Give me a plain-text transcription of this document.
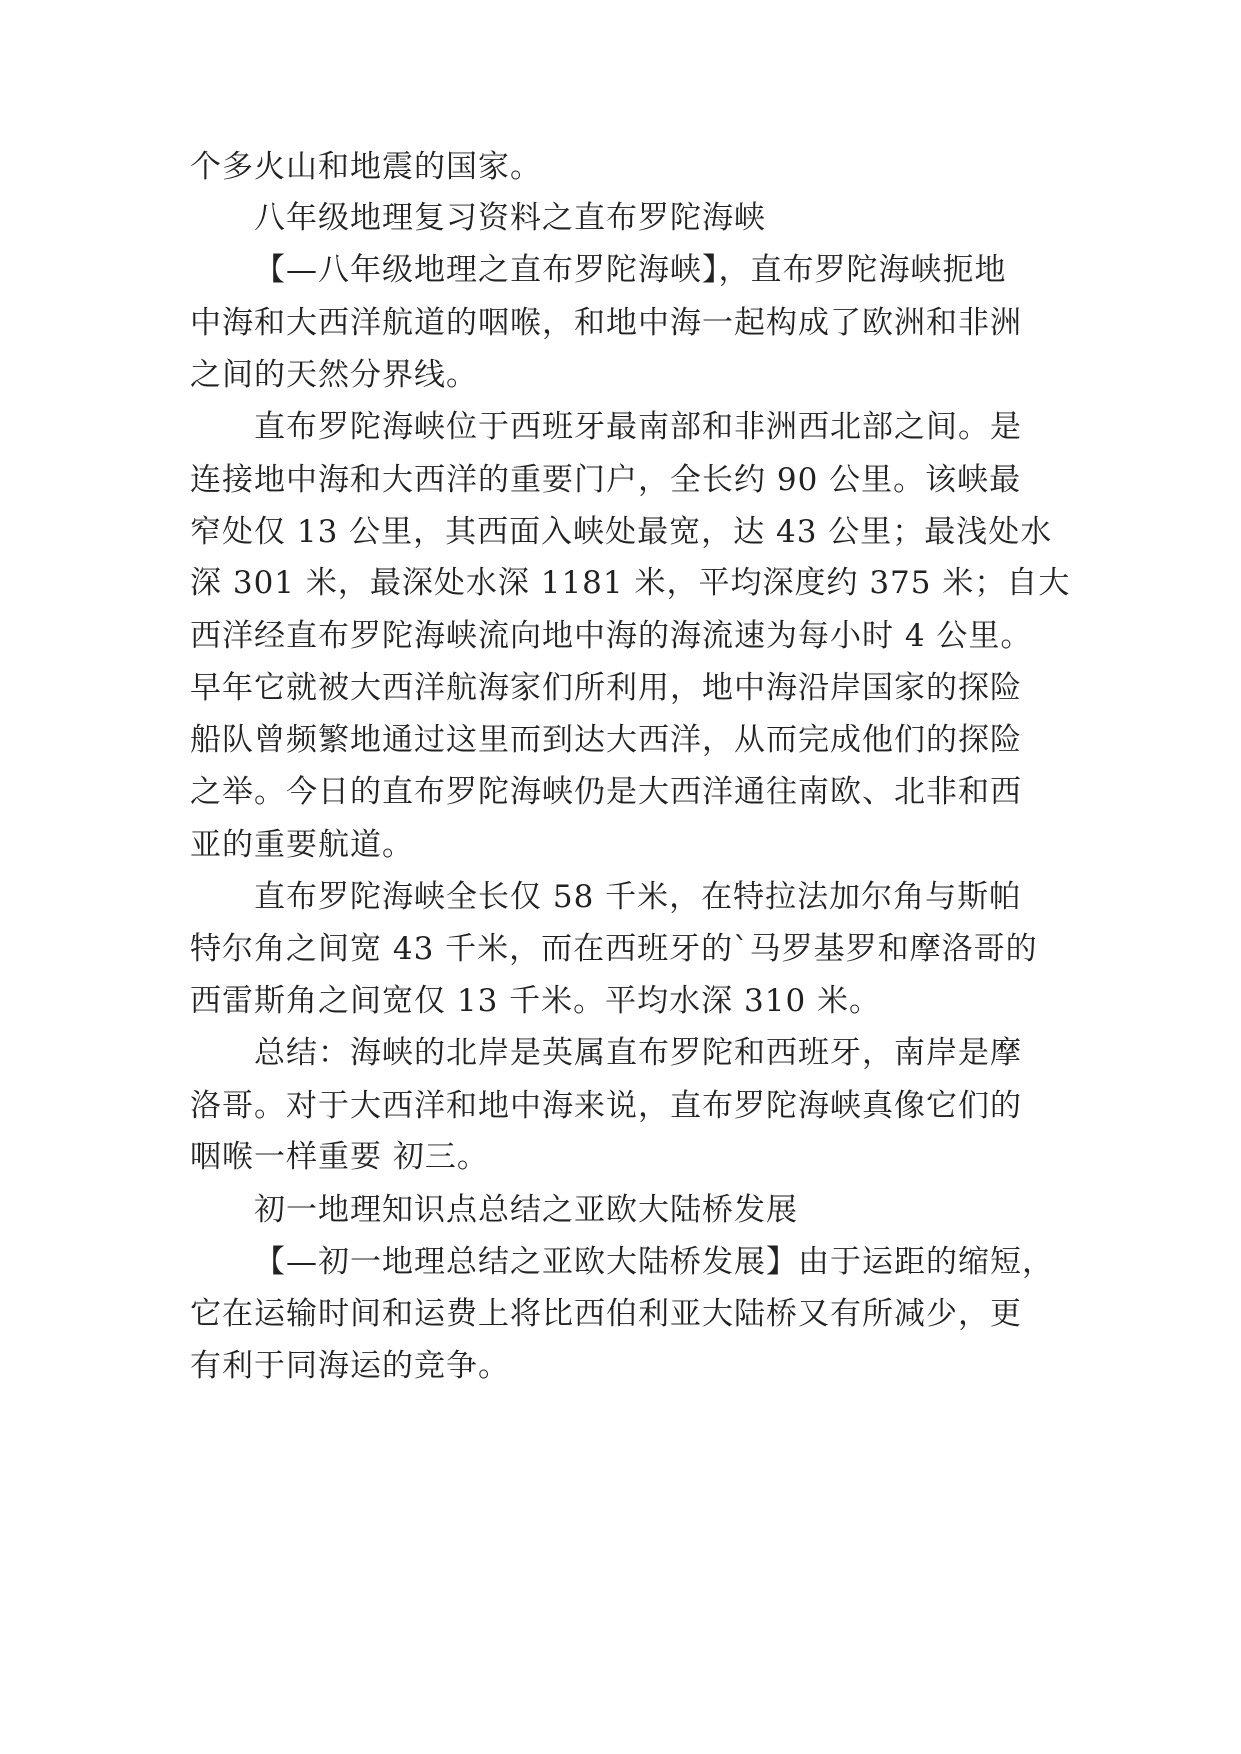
个多火山和地震的国家。
八年级地理复习资料之直布罗陀海峡
【—八年级地理之直布罗陀海峡】，直布罗陀海峡扼地
中海和大西洋航道的咽喉，和地中海一起构成了欧洲和非洲
之间的天然分界线。
直布罗陀海峡位于西班牙最南部和非洲西北部之间。是
连接地中海和大西洋的重要门户，全长约 90 公里。该峡最
窄处仅 13 公里，其西面入峡处最宽，达 43 公里；最浅处水
深 301 米，最深处水深 1181 米，平均深度约 375 米；自大
西洋经直布罗陀海峡流向地中海的海流速为每小时 4 公里。
早年它就被大西洋航海家们所利用，地中海沿岸国家的探险
船队曾频繁地通过这里而到达大西洋，从而完成他们的探险
之举。今日的直布罗陀海峡仍是大西洋通往南欧、北非和西
亚的重要航道。
直布罗陀海峡全长仅 58 千米，在特拉法加尔角与斯帕
特尔角之间宽 43 千米，而在西班牙的`马罗基罗和摩洛哥的
西雷斯角之间宽仅 13 千米。平均水深 310 米。
总结：海峡的北岸是英属直布罗陀和西班牙，南岸是摩
洛哥。对于大西洋和地中海来说，直布罗陀海峡真像它们的
咽喉一样重要 初三。
初一地理知识点总结之亚欧大陆桥发展
【—初一地理总结之亚欧大陆桥发展】由于运距的缩短，
它在运输时间和运费上将比西伯利亚大陆桥又有所减少，更
有利于同海运的竞争。
